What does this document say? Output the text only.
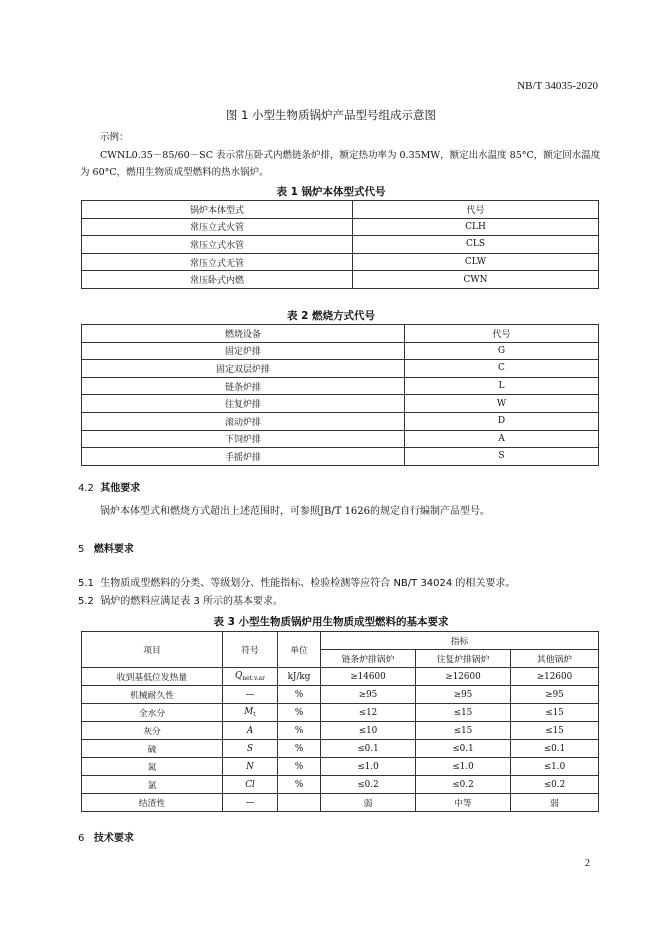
NB/T 34035-2020
图 1 小型生物质锅炉产品型号组成示意图
示例：
CWNL0.35－85/60－SC 表示常压卧式内燃链条炉排，额定热功率为 0.35MW，额定出水温度 85°C，额定回水温度为 60°C，燃用生物质成型燃料的热水锅炉。
表 1 锅炉本体型式代号
锅炉本体型式	代号
常压立式火管	CLH
常压立式水管	CLS
常压立式无管	CLW
常压卧式内燃	CWN
表 2 燃烧方式代号
燃烧设备	代号
固定炉排	G
固定双层炉排	C
链条炉排	L
往复炉排	W
滚动炉排	D
下饲炉排	A
手摇炉排	S
4.2 其他要求
锅炉本体型式和燃烧方式超出上述范围时，可参照JB/T 1626的规定自行编制产品型号。
5 燃料要求
5.1 生物质成型燃料的分类、等级划分、性能指标、检验检测等应符合 NB/T 34024 的相关要求。
5.2 锅炉的燃料应满足表 3 所示的基本要求。
表 3 小型生物质锅炉用生物质成型燃料的基本要求
项目	符号	单位	指标		
			链条炉排锅炉	往复炉排锅炉	其他锅炉
收到基低位发热量	$Q_{net.v.ar}$	kJ/kg	≥14600	≥12600	≥12600
机械耐久性	—	%	≥95	≥95	≥95
全水分	$M_t$	%	≤12	≤15	≤15
灰分	A	%	≤10	≤15	≤15
硫	S	%	≤0.1	≤0.1	≤0.1
氮	N	%	≤1.0	≤1.0	≤1.0
氯	Cl	%	≤0.2	≤0.2	≤0.2
结渣性	—		弱	中等	弱
6 技术要求
2
